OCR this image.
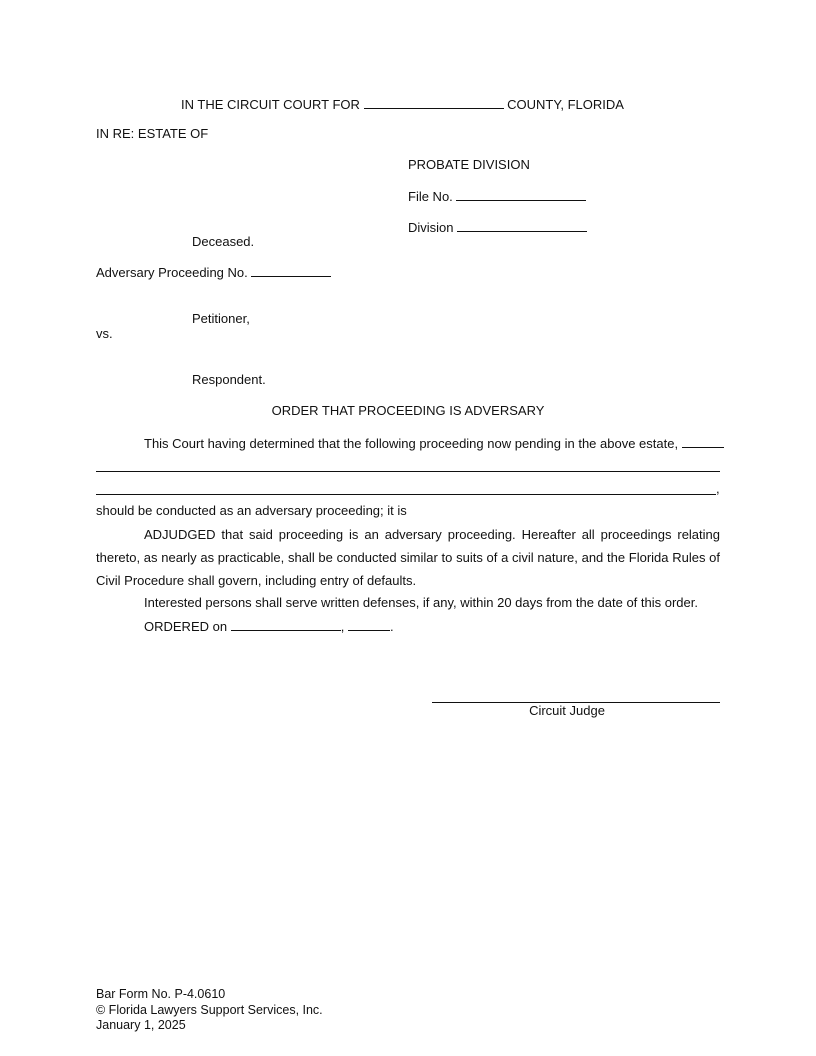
IN THE CIRCUIT COURT FOR	COUNTY, FLORIDA
IN RE: ESTATE OF
PROBATE DIVISION
File No.
Division
Deceased.
Adversary Proceeding No.
Petitioner,
vs.
Respondent.
ORDER THAT PROCEEDING IS ADVERSARY
This Court having determined that the following proceeding now pending in the above estate,
,
should be conducted as an adversary proceeding; it is
ADJUDGED that said proceeding is an adversary proceeding. Hereafter all proceedings relating thereto, as nearly as practicable, shall be conducted similar to suits of a civil nature, and the Florida Rules of Civil Procedure shall govern, including entry of defaults.
Interested persons shall serve written defenses, if any, within 20 days from the date of this order.
ORDERED on	,	.
Circuit Judge
Bar Form No. P-4.0610
© Florida Lawyers Support Services, Inc.
January 1, 2025
